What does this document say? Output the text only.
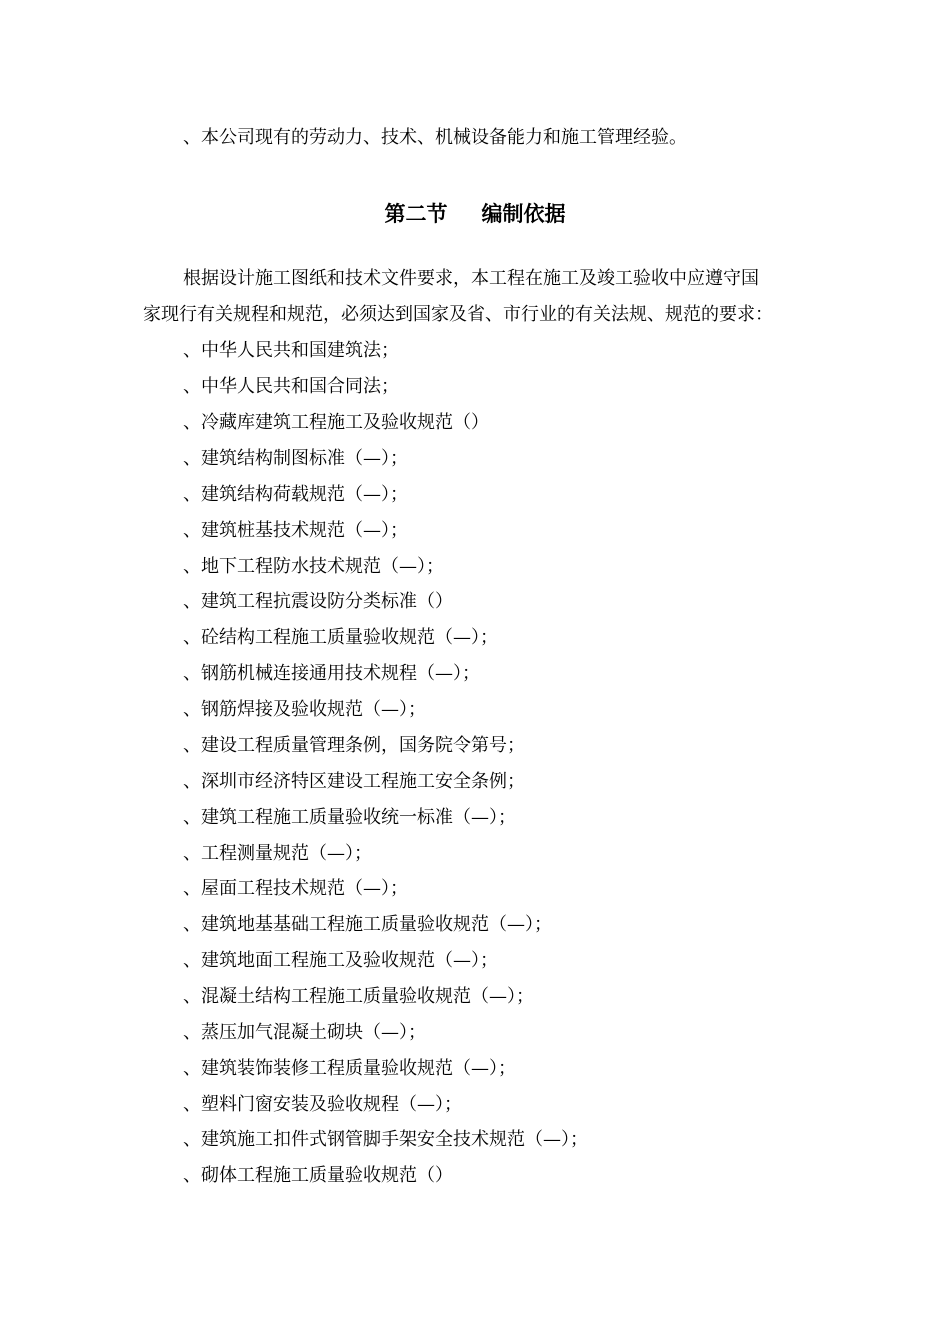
、本公司现有的劳动力、技术、机械设备能力和施工管理经验。
第二节 编制依据
根据设计施工图纸和技术文件要求，本工程在施工及竣工验收中应遵守国
家现行有关规程和规范，必须达到国家及省、市行业的有关法规、规范的要求：
、中华人民共和国建筑法；
、中华人民共和国合同法；
、冷藏库建筑工程施工及验收规范（）
、建筑结构制图标准（—）；
、建筑结构荷载规范（—）；
、建筑桩基技术规范（—）；
、地下工程防水技术规范（—）；
、建筑工程抗震设防分类标准（）
、砼结构工程施工质量验收规范（—）；
、钢筋机械连接通用技术规程（—）；
、钢筋焊接及验收规范（—）；
、建设工程质量管理条例，国务院令第号；
、深圳市经济特区建设工程施工安全条例；
、建筑工程施工质量验收统一标准（—）；
、工程测量规范（—）；
、屋面工程技术规范（—）；
、建筑地基基础工程施工质量验收规范（—）；
、建筑地面工程施工及验收规范（—）；
、混凝土结构工程施工质量验收规范（—）；
、蒸压加气混凝土砌块（—）；
、建筑装饰装修工程质量验收规范（—）；
、塑料门窗安装及验收规程（—）；
、建筑施工扣件式钢管脚手架安全技术规范（—）；
、砌体工程施工质量验收规范（）
